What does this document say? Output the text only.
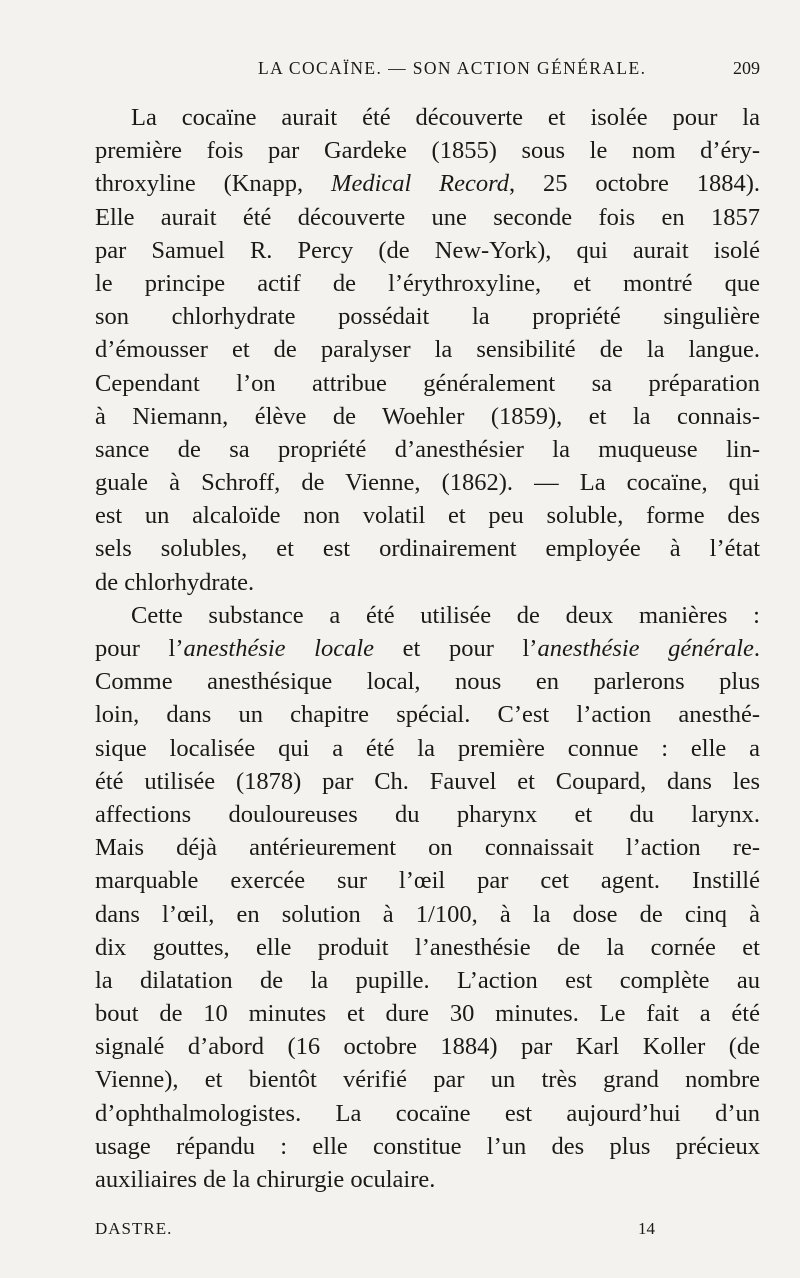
LA COCAÏNE. — SON ACTION GÉNÉRALE.	209
La cocaïne aurait été découverte et isolée pour la
première fois par Gardeke (1855) sous le nom d’éry-
throxyline (Knapp, Medical Record, 25 octobre 1884).
Elle aurait été découverte une seconde fois en 1857
par Samuel R. Percy (de New-York), qui aurait isolé
le principe actif de l’érythroxyline, et montré que
son chlorhydrate possédait la propriété singulière
d’émousser et de paralyser la sensibilité de la langue.
Cependant l’on attribue généralement sa préparation
à Niemann, élève de Woehler (1859), et la connais-
sance de sa propriété d’anesthésier la muqueuse lin-
guale à Schroff, de Vienne, (1862). — La cocaïne, qui
est un alcaloïde non volatil et peu soluble, forme des
sels solubles, et est ordinairement employée à l’état
de chlorhydrate.
Cette substance a été utilisée de deux manières :
pour l’anesthésie locale et pour l’anesthésie générale.
Comme anesthésique local, nous en parlerons plus
loin, dans un chapitre spécial. C’est l’action anesthé-
sique localisée qui a été la première connue : elle a
été utilisée (1878) par Ch. Fauvel et Coupard, dans les
affections douloureuses du pharynx et du larynx.
Mais déjà antérieurement on connaissait l’action re-
marquable exercée sur l’œil par cet agent. Instillé
dans l’œil, en solution à 1/100, à la dose de cinq à
dix gouttes, elle produit l’anesthésie de la cornée et
la dilatation de la pupille. L’action est complète au
bout de 10 minutes et dure 30 minutes. Le fait a été
signalé d’abord (16 octobre 1884) par Karl Koller (de
Vienne), et bientôt vérifié par un très grand nombre
d’ophthalmologistes. La cocaïne est aujourd’hui d’un
usage répandu : elle constitue l’un des plus précieux
auxiliaires de la chirurgie oculaire.
DASTRE.	14
